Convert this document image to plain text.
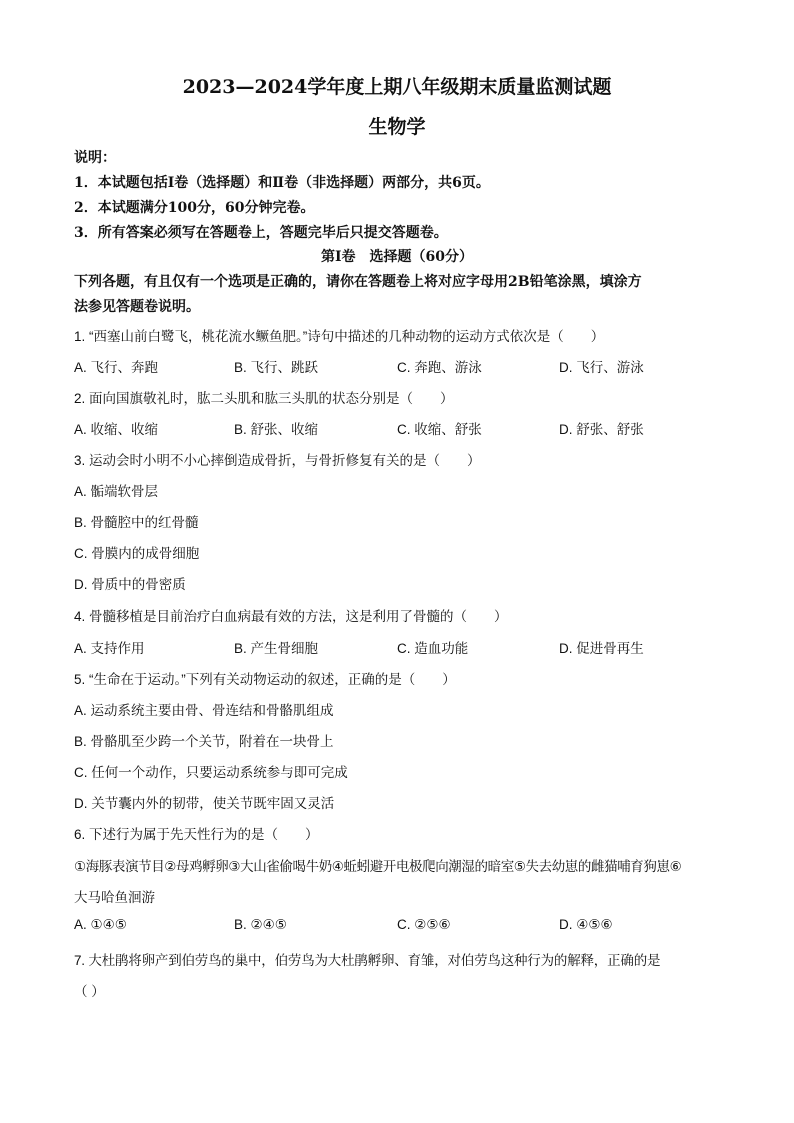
2023—2024学年度上期八年级期末质量监测试题
生物学
说明：
1．本试题包括Ⅰ卷（选择题）和Ⅱ卷（非选择题）两部分，共6页。
2．本试题满分100分，60分钟完卷。
3．所有答案必须写在答题卷上，答题完毕后只提交答题卷。
第Ⅰ卷　选择题（60分）
下列各题，有且仅有一个选项是正确的，请你在答题卷上将对应字母用2B铅笔涂黑，填涂方
法参见答题卷说明。
1. “西塞山前白鹭飞，桃花流水鳜鱼肥。”诗句中描述的几种动物的运动方式依次是（　　）
A. 飞行、奔跑	B. 飞行、跳跃	C. 奔跑、游泳	D. 飞行、游泳
2. 面向国旗敬礼时，肱二头肌和肱三头肌的状态分别是（　　）
A. 收缩、收缩	B. 舒张、收缩	C. 收缩、舒张	D. 舒张、舒张
3. 运动会时小明不小心摔倒造成骨折，与骨折修复有关的是（　　）
A. 骺端软骨层
B. 骨髓腔中的红骨髓
C. 骨膜内的成骨细胞
D. 骨质中的骨密质
4. 骨髓移植是目前治疗白血病最有效的方法，这是利用了骨髓的（　　）
A. 支持作用	B. 产生骨细胞	C. 造血功能	D. 促进骨再生
5. “生命在于运动。”下列有关动物运动的叙述，正确的是（　　）
A. 运动系统主要由骨、骨连结和骨骼肌组成
B. 骨骼肌至少跨一个关节，附着在一块骨上
C. 任何一个动作，只要运动系统参与即可完成
D. 关节囊内外的韧带，使关节既牢固又灵活
6. 下述行为属于先天性行为的是（　　）
①海豚表演节目②母鸡孵卵③大山雀偷喝牛奶④蚯蚓避开电极爬向潮湿的暗室⑤失去幼崽的雌猫哺育狗崽⑥
大马哈鱼洄游
A. ①④⑤	B. ②④⑤	C. ②⑤⑥	D. ④⑤⑥
7. 大杜鹃将卵产到伯劳鸟的巢中，伯劳鸟为大杜鹃孵卵、育雏，对伯劳鸟这种行为的解释，正确的是
（ ）
